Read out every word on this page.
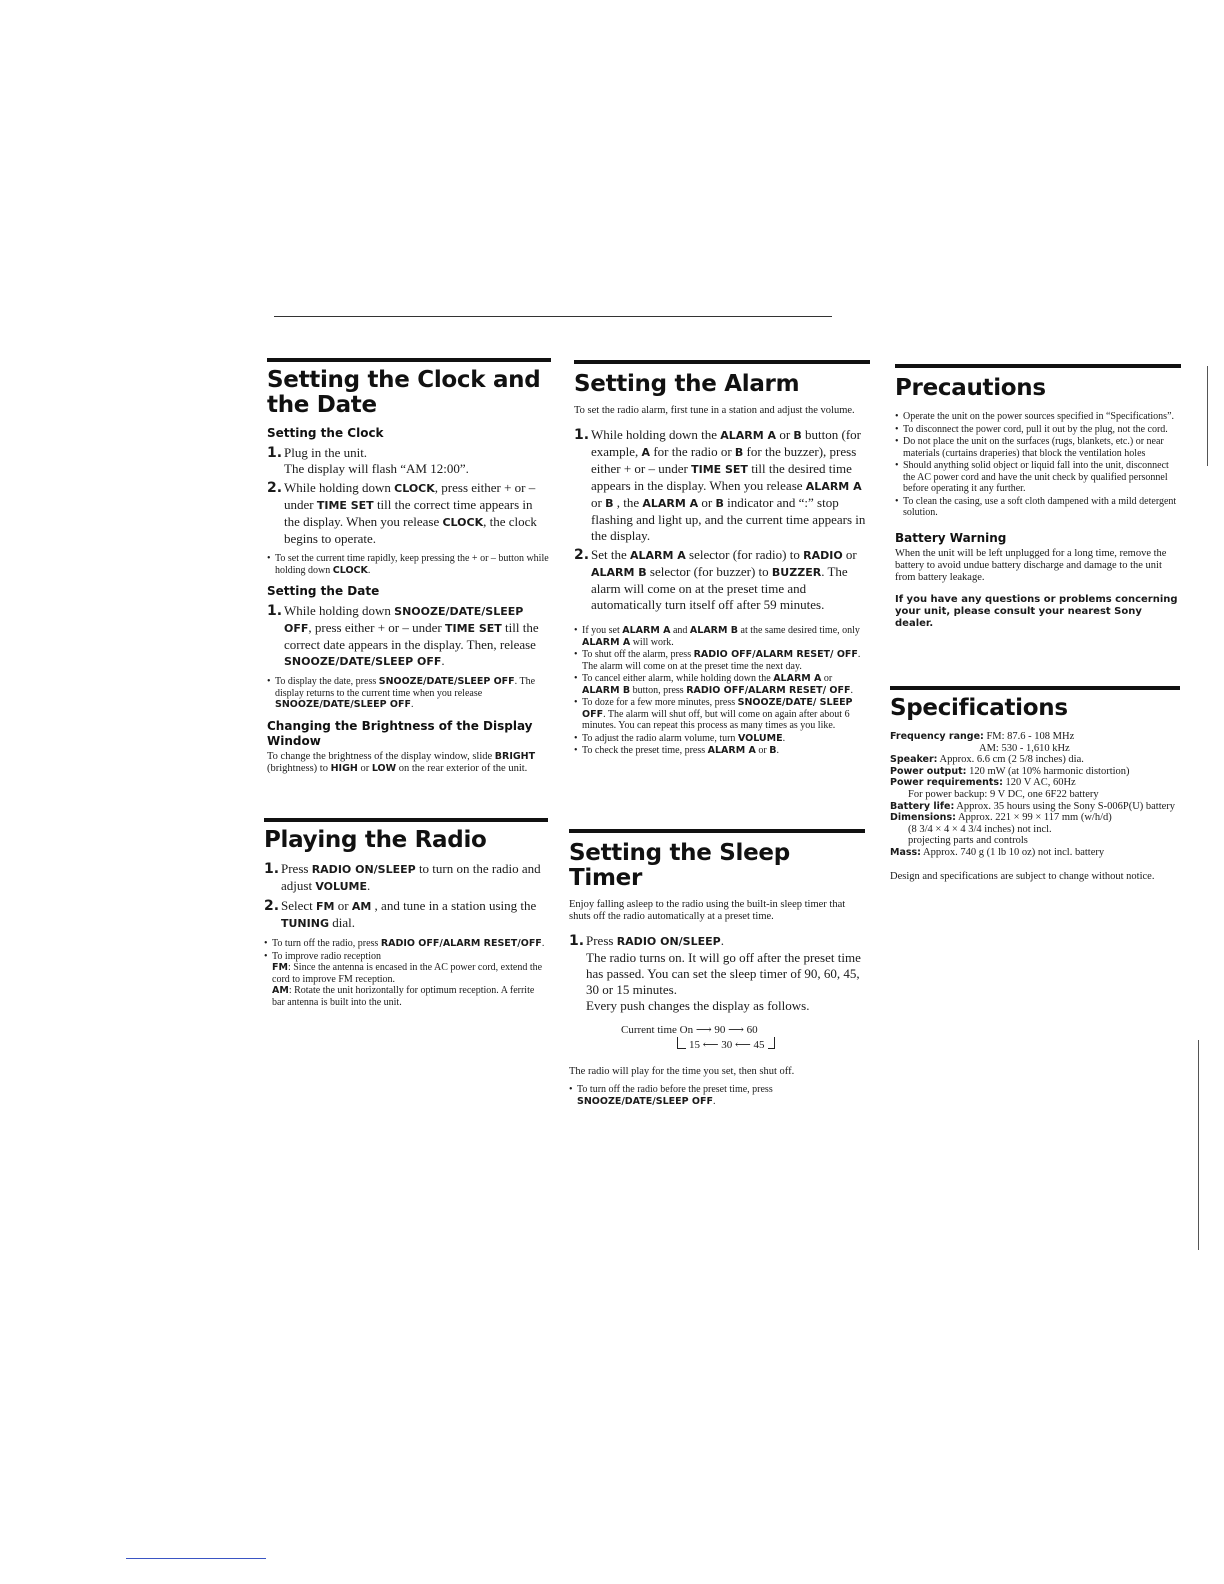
Setting the Clock and the Date
Setting the Clock
1. Plug in the unit.
The display will flash “AM 12:00”.
2. While holding down CLOCK, press either + or – under TIME SET till the correct time appears in the display. When you release CLOCK, the clock begins to operate.
• To set the current time rapidly, keep pressing the + or – button while holding down CLOCK.
Setting the Date
1. While holding down SNOOZE/DATE/SLEEP OFF, press either + or – under TIME SET till the correct date appears in the display. Then, release SNOOZE/DATE/SLEEP OFF.
• To display the date, press SNOOZE/DATE/SLEEP OFF. The display returns to the current time when you release SNOOZE/DATE/SLEEP OFF.
Changing the Brightness of the Display Window

To change the brightness of the display window, slide BRIGHT (brightness) to HIGH or LOW on the rear exterior of the unit.

Playing the Radio
1. Press RADIO ON/SLEEP to turn on the radio and adjust VOLUME.
2. Select FM or AM , and tune in a station using the TUNING dial.
• To turn off the radio, press RADIO OFF/ALARM RESET/OFF.
• To improve radio reception
FM: Since the antenna is encased in the AC power cord, extend the cord to improve FM reception.
AM: Rotate the unit horizontally for optimum reception. A ferrite bar antenna is built into the unit.
Setting the Alarm

To set the radio alarm, first tune in a station and adjust the volume.

1. While holding down the ALARM A or B button (for example, A for the radio or B for the buzzer), press either + or – under TIME SET till the desired time appears in the display. When you release ALARM A or B , the ALARM A or B indicator and “:” stop flashing and light up, and the current time appears in the display.
2. Set the ALARM A selector (for radio) to RADIO or ALARM B selector (for buzzer) to BUZZER. The alarm will come on at the preset time and automatically turn itself off after 59 minutes.
• If you set ALARM A and ALARM B at the same desired time, only ALARM A will work.
• To shut off the alarm, press RADIO OFF/ALARM RESET/ OFF. The alarm will come on at the preset time the next day.
• To cancel either alarm, while holding down the ALARM A or ALARM B button, press RADIO OFF/ALARM RESET/ OFF.
• To doze for a few more minutes, press SNOOZE/DATE/ SLEEP OFF. The alarm will shut off, but will come on again after about 6 minutes. You can repeat this process as many times as you like.
• To adjust the radio alarm volume, turn VOLUME.
• To check the preset time, press ALARM A or B.
Setting the Sleep Timer

Enjoy falling asleep to the radio using the built-in sleep timer that shuts off the radio automatically at a preset time.

1. Press RADIO ON/SLEEP.
The radio turns on. It will go off after the preset time has passed. You can set the sleep timer of 90, 60, 45, 30 or 15 minutes.
Every push changes the display as follows.
Current time On ⟶ 90 ⟶ 60
15 ⟵ 30 ⟵ 45

The radio will play for the time you set, then shut off.

• To turn off the radio before the preset time, press
SNOOZE/DATE/SLEEP OFF.
Precautions
• Operate the unit on the power sources specified in “Specifications”.
• To disconnect the power cord, pull it out by the plug, not the cord.
• Do not place the unit on the surfaces (rugs, blankets, etc.) or near materials (curtains draperies) that block the ventilation holes
• Should anything solid object or liquid fall into the unit, disconnect the AC power cord and have the unit check by qualified personnel before operating it any further.
• To clean the casing, use a soft cloth dampened with a mild detergent solution.
Battery Warning

When the unit will be left unplugged for a long time, remove the battery to avoid undue battery discharge and damage to the unit from battery leakage.

If you have any questions or problems concerning your unit, please consult your nearest Sony dealer.

Specifications
Frequency range: FM: 87.6 - 108 MHz
AM: 530 - 1,610 kHz
Speaker: Approx. 6.6 cm (2 5/8 inches) dia.
Power output: 120 mW (at 10% harmonic distortion)
Power requirements: 120 V AC, 60Hz
For power backup: 9 V DC, one 6F22 battery
Battery life: Approx. 35 hours using the Sony S-006P(U) battery
Dimensions: Approx. 221 × 99 × 117 mm (w/h/d)
(8 3/4 × 4 × 4 3/4 inches) not incl.
projecting parts and controls
Mass: Approx. 740 g (1 lb 10 oz) not incl. battery

Design and specifications are subject to change without notice.
